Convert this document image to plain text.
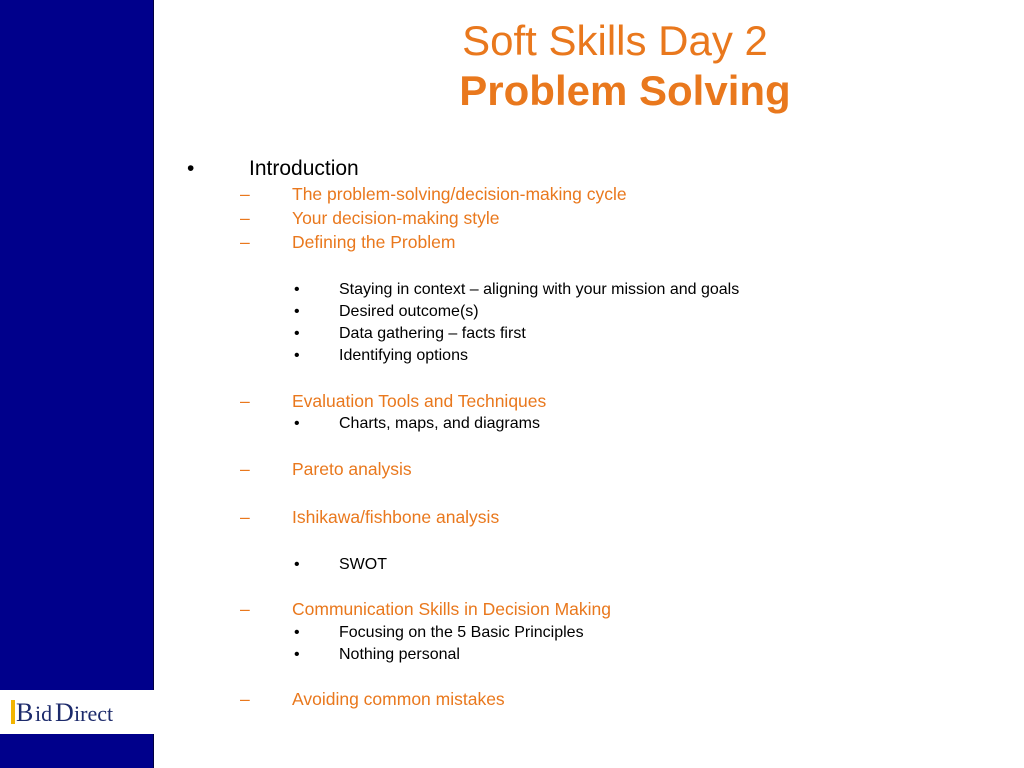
B id D irect
Soft Skills Day 2
Problem Solving
•	Introduction
– The problem-solving/decision-making cycle
– Your decision-making style
– Defining the Problem
• Staying in context – aligning with your mission and goals
• Desired outcome(s)
• Data gathering – facts first
• Identifying options
– Evaluation Tools and Techniques
• Charts, maps, and diagrams
– Pareto analysis
– Ishikawa/fishbone analysis
• SWOT
– Communication Skills in Decision Making
• Focusing on the 5 Basic Principles
• Nothing personal
– Avoiding common mistakes
